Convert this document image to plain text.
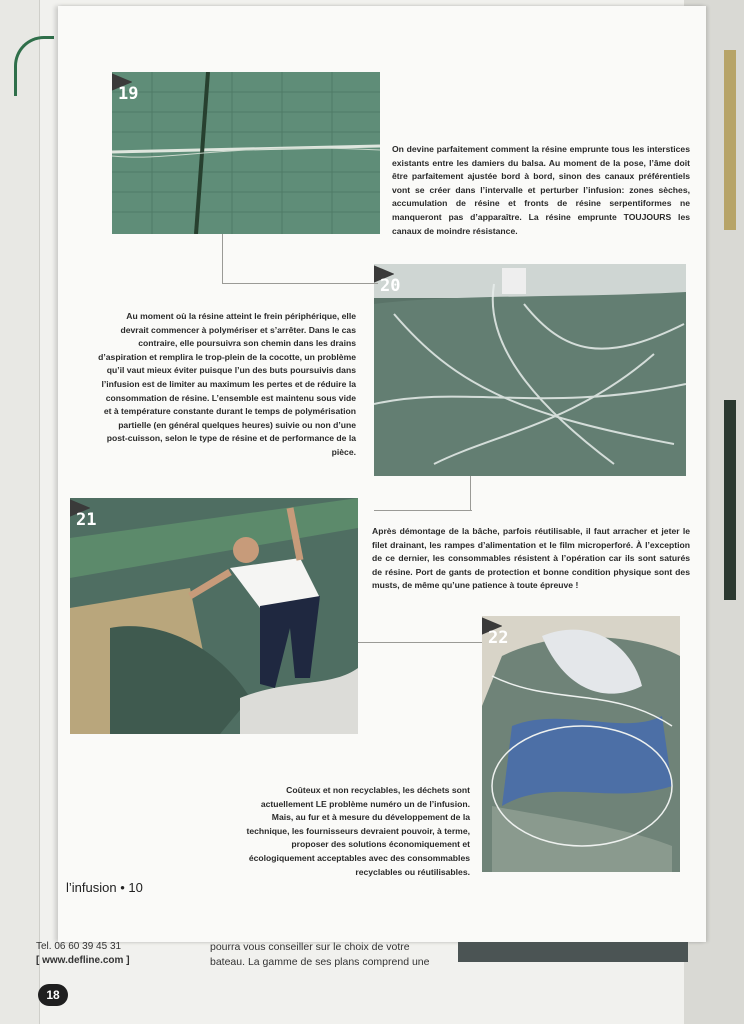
19
20
21
22

On devine parfaitement comment la résine emprunte tous les interstices existants entre les damiers du balsa. Au moment de la pose, l’âme doit être parfaitement ajustée bord à bord, sinon des canaux préférentiels vont se créer dans l’intervalle et perturber l’infusion: zones sèches, accumulation de résine et fronts de résine serpentiformes ne manqueront pas d’apparaître. La résine emprunte TOUJOURS les canaux de moindre résistance.

Au moment où la résine atteint le frein périphérique, elle devrait commencer à polymériser et s’arrêter. Dans le cas contraire, elle poursuivra son chemin dans les drains d’aspiration et remplira le trop-plein de la cocotte, un problème qu’il vaut mieux éviter puisque l’un des buts poursuivis dans l’infusion est de limiter au maximum les pertes et de réduire la consommation de résine. L’ensemble est maintenu sous vide et à température constante durant le temps de polymérisation partielle (en général quelques heures) suivie ou non d’une post-cuisson, selon le type de résine et de performance de la pièce.

Après démontage de la bâche, parfois réutilisable, il faut arracher et jeter le filet drainant, les rampes d’alimentation et le film microperforé. À l’exception de ce dernier, les consommables résistent à l’opération car ils sont saturés de résine. Port de gants de protection et bonne condition physique sont des musts, de même qu’une patience à toute épreuve !

Coûteux et non recyclables, les déchets sont actuellement LE problème numéro un de l’infusion. Mais, au fur et à mesure du développement de la technique, les fournisseurs devraient pouvoir, à terme, proposer des solutions économiquement et écologiquement acceptables avec des consommables recyclables ou réutilisables.

l’infusion • 10
Tel. 06 60 39 45 31
[ www.defline.com ]
pourra vous conseiller sur le choix de votre
bateau. La gamme de ses plans comprend une
18
